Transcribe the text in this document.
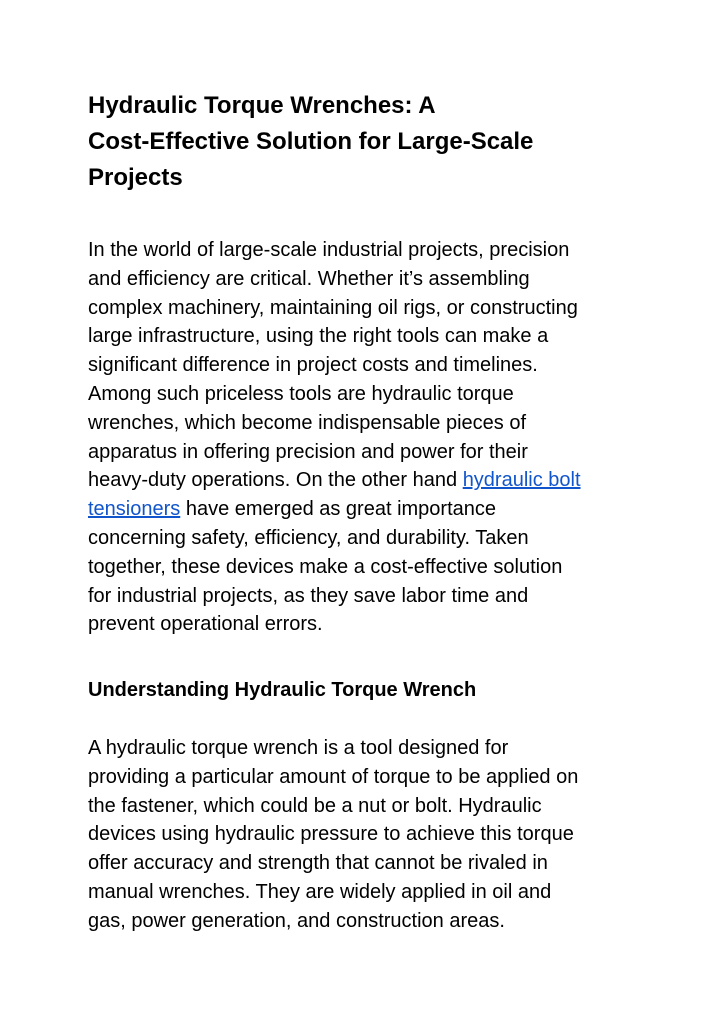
Hydraulic Torque Wrenches: A
Cost-Effective Solution for Large-Scale
Projects

In the world of large-scale industrial projects, precision
and efficiency are critical. Whether it’s assembling
complex machinery, maintaining oil rigs, or constructing
large infrastructure, using the right tools can make a
significant difference in project costs and timelines.
Among such priceless tools are hydraulic torque
wrenches, which become indispensable pieces of
apparatus in offering precision and power for their
heavy-duty operations. On the other hand hydraulic bolt
tensioners have emerged as great importance
concerning safety, efficiency, and durability. Taken
together, these devices make a cost-effective solution
for industrial projects, as they save labor time and
prevent operational errors.

Understanding Hydraulic Torque Wrench

A hydraulic torque wrench is a tool designed for
providing a particular amount of torque to be applied on
the fastener, which could be a nut or bolt. Hydraulic
devices using hydraulic pressure to achieve this torque
offer accuracy and strength that cannot be rivaled in
manual wrenches. They are widely applied in oil and
gas, power generation, and construction areas.
